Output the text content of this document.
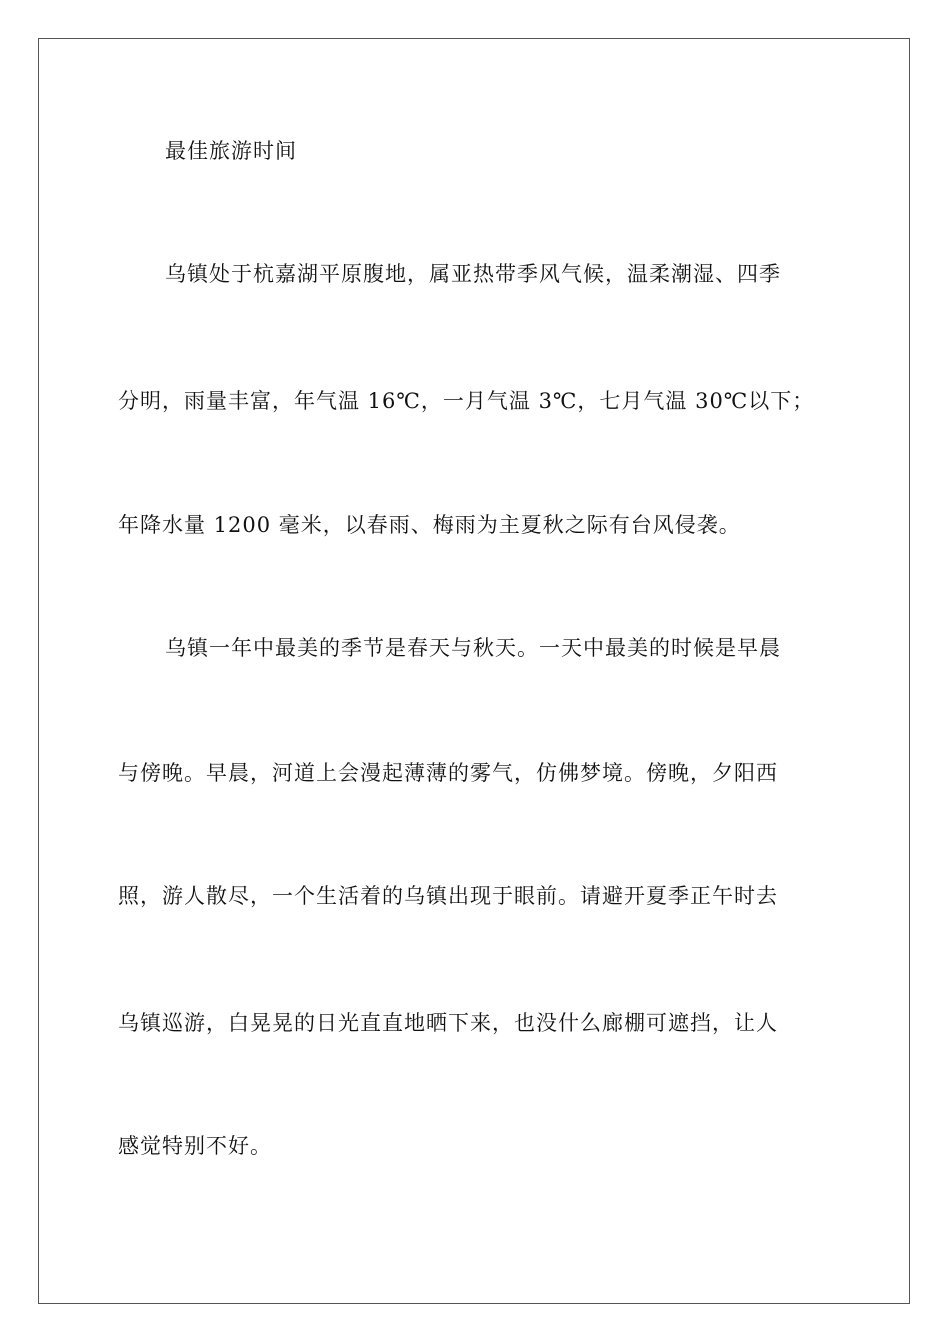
最佳旅游时间
乌镇处于杭嘉湖平原腹地，属亚热带季风气候，温柔潮湿、四季
分明，雨量丰富，年气温 16℃，一月气温 3℃，七月气温 30℃以下；
年降水量 1200 毫米，以春雨、梅雨为主夏秋之际有台风侵袭。
乌镇一年中最美的季节是春天与秋天。一天中最美的时候是早晨
与傍晚。早晨，河道上会漫起薄薄的雾气，仿佛梦境。傍晚，夕阳西
照，游人散尽，一个生活着的乌镇出现于眼前。请避开夏季正午时去
乌镇巡游，白晃晃的日光直直地晒下来，也没什么廊棚可遮挡，让人
感觉特别不好。
